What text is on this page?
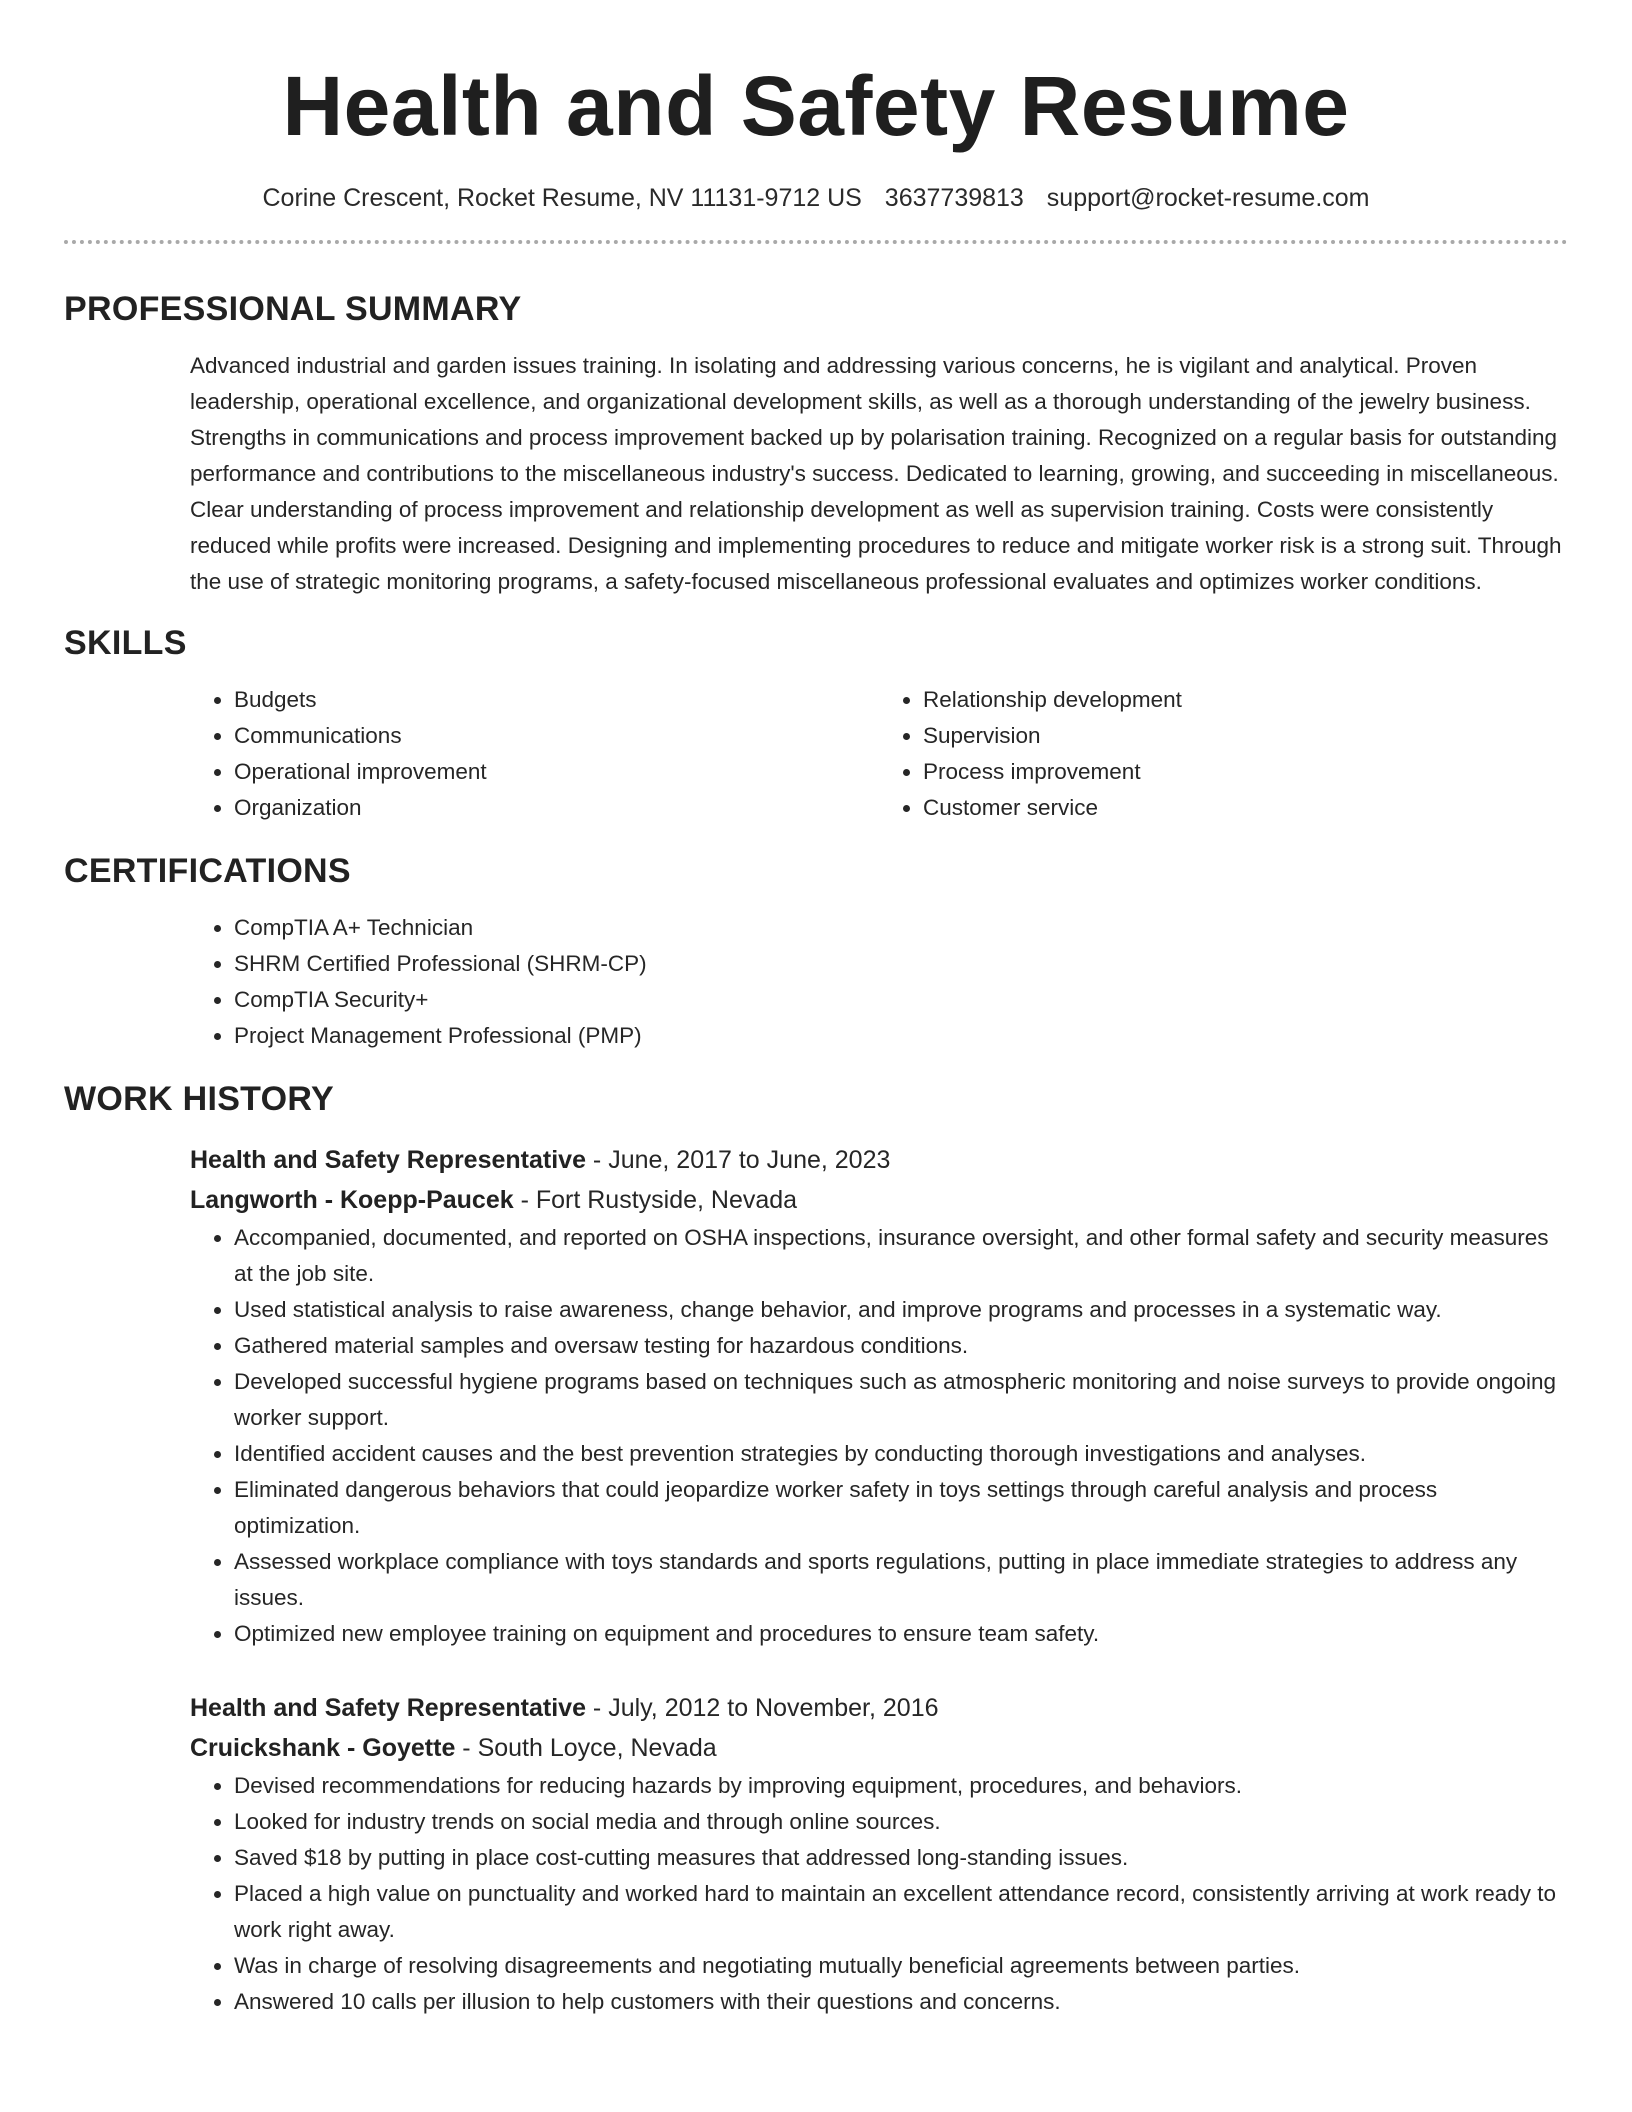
Health and Safety Resume
Corine Crescent, Rocket Resume, NV 11131-9712 US 3637739813 support@rocket-resume.com
PROFESSIONAL SUMMARY
Advanced industrial and garden issues training. In isolating and addressing various concerns, he is vigilant and analytical. Proven leadership, operational excellence, and organizational development skills, as well as a thorough understanding of the jewelry business. Strengths in communications and process improvement backed up by polarisation training. Recognized on a regular basis for outstanding performance and contributions to the miscellaneous industry's success. Dedicated to learning, growing, and succeeding in miscellaneous. Clear understanding of process improvement and relationship development as well as supervision training. Costs were consistently reduced while profits were increased. Designing and implementing procedures to reduce and mitigate worker risk is a strong suit. Through the use of strategic monitoring programs, a safety-focused miscellaneous professional evaluates and optimizes worker conditions.
SKILLS
• Budgets
• Communications
• Operational improvement
• Organization
• Relationship development
• Supervision
• Process improvement
• Customer service
CERTIFICATIONS
• CompTIA A+ Technician
• SHRM Certified Professional (SHRM-CP)
• CompTIA Security+
• Project Management Professional (PMP)
WORK HISTORY
Health and Safety Representative - June, 2017 to June, 2023
Langworth - Koepp-Paucek - Fort Rustyside, Nevada
• Accompanied, documented, and reported on OSHA inspections, insurance oversight, and other formal safety and security measures at the job site.
• Used statistical analysis to raise awareness, change behavior, and improve programs and processes in a systematic way.
• Gathered material samples and oversaw testing for hazardous conditions.
• Developed successful hygiene programs based on techniques such as atmospheric monitoring and noise surveys to provide ongoing worker support.
• Identified accident causes and the best prevention strategies by conducting thorough investigations and analyses.
• Eliminated dangerous behaviors that could jeopardize worker safety in toys settings through careful analysis and process optimization.
• Assessed workplace compliance with toys standards and sports regulations, putting in place immediate strategies to address any issues.
• Optimized new employee training on equipment and procedures to ensure team safety.
Health and Safety Representative - July, 2012 to November, 2016
Cruickshank - Goyette - South Loyce, Nevada
• Devised recommendations for reducing hazards by improving equipment, procedures, and behaviors.
• Looked for industry trends on social media and through online sources.
• Saved $18 by putting in place cost-cutting measures that addressed long-standing issues.
• Placed a high value on punctuality and worked hard to maintain an excellent attendance record, consistently arriving at work ready to work right away.
• Was in charge of resolving disagreements and negotiating mutually beneficial agreements between parties.
• Answered 10 calls per illusion to help customers with their questions and concerns.
